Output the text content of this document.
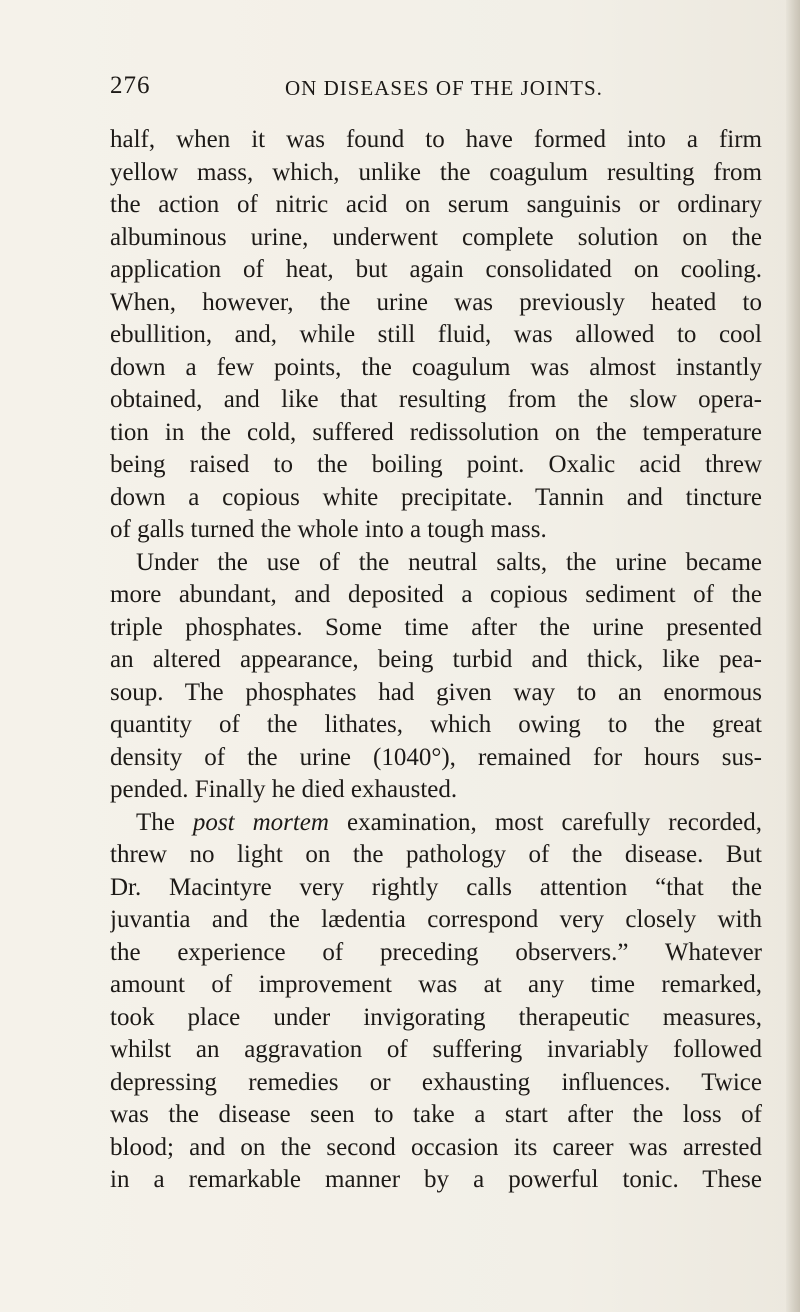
276	ON DISEASES OF THE JOINTS.
half, when it was found to have formed into a firm
yellow mass, which, unlike the coagulum resulting from
the action of nitric acid on serum sanguinis or ordinary
albuminous urine, underwent complete solution on the
application of heat, but again consolidated on cooling.
When, however, the urine was previously heated to
ebullition, and, while still fluid, was allowed to cool
down a few points, the coagulum was almost instantly
obtained, and like that resulting from the slow opera-
tion in the cold, suffered redissolution on the temperature
being raised to the boiling point. Oxalic acid threw
down a copious white precipitate. Tannin and tincture
of galls turned the whole into a tough mass.
Under the use of the neutral salts, the urine became
more abundant, and deposited a copious sediment of the
triple phosphates. Some time after the urine presented
an altered appearance, being turbid and thick, like pea-
soup. The phosphates had given way to an enormous
quantity of the lithates, which owing to the great
density of the urine (1040°), remained for hours sus-
pended. Finally he died exhausted.
The post mortem examination, most carefully recorded,
threw no light on the pathology of the disease. But
Dr. Macintyre very rightly calls attention “that the
juvantia and the lædentia correspond very closely with
the experience of preceding observers.” Whatever
amount of improvement was at any time remarked,
took place under invigorating therapeutic measures,
whilst an aggravation of suffering invariably followed
depressing remedies or exhausting influences. Twice
was the disease seen to take a start after the loss of
blood; and on the second occasion its career was arrested
in a remarkable manner by a powerful tonic. These
